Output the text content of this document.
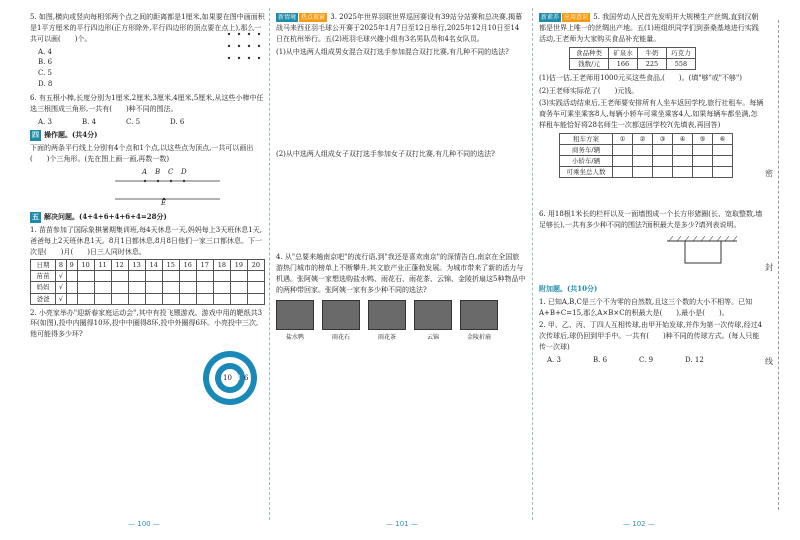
5. 如图,横向或竖向每相邻两个点之间的距离都是1厘米,如果要在图中画面积是1平方厘米的平行四边形(正方形除外,平行四边形的顶点要在点上),那么一共可以画(　　)个。

A. 4
B. 6
C. 5
D. 8

6. 有五根小棒,长度分别为1厘米,2厘米,3厘米,4厘米,5厘米,从这些小棒中任选三根围成三角形,一共有(　　)种不同的围法。

A. 3	B. 4	C. 5	D. 6
四 操作题。(共4分)

下面的两条平行线上分别有4个点和1个点,以这些点为顶点,一共可以画出(　　)个三角形。(先在图上画一画,再数一数)

A B C D
E
五 解决问题。(4+4+6+4+6+4=28分)

1. 苗苗参加了国际象棋暑期集训班,每4天休息一天,妈妈每上3天班休息1天,爸爸每上2天班休息1天。8月1日都休息,8月8日他们一家三口都休息。下一次是(　　)月(　　)日三人同时休息。

日期	8	9	10	11	12	13	14	15	16	17	18	19	20
苗苗	√												
妈妈	√												
爸爸	√												

2. 小亮家举办"迎新春家庭运动会",其中有投飞镖游戏。游戏中用的靶纸共3环(如图),投中内圈得10环,投中中圈得8环,投中外圈得6环。小亮投中三次,他可能得多少环?

10 8 6
— 100 —

新情境 热点视窗 3. 2025年世界羽联世界巡回赛设有39站分站赛和总决赛,揭幕战马来西亚羽毛球公开赛于2025年1月7日至12日举行,2025年12月10日至14日在杭州举行。五(2)班羽毛球兴趣小组有3名男队员和4名女队员。

(1)从中选两人组成男女混合双打选手参加混合双打比赛,有几种不同的选法?

(2)从中选两人组成女子双打选手参加女子双打比赛,有几种不同的选法?

4. 从"总要来趟南京吧"的流行语,到"我还是喜欢南京"的深情告白,南京在全国旅游热门城市的榜单上不断攀升,其文旅产业正蓬勃发展。为城市带来了新的活力与机遇。张阿姨一家想选购盐水鸭、雨花石、雨花茶、云锦、金陵折扇这5种物品中的两种带回家。张阿姨一家有多少种不同的选法?

盐水鸭	雨花石	雨花茶	云锦	金陵折扇
— 101 —

新素养 应用意识 5. 我国劳动人民首先发明并大规模生产丝绸,直到汉朝都是世界上唯一的丝绸出产地。五(1)班组织同学们到蚕桑基地进行实践活动,王老师为大家购买食品补充能量。

食品种类	矿泉水	牛奶	巧克力
钱数/元	166	225	558

(1)估一估,王老师用1000元买这些食品,(　　)。(填"够"或"不够")

(2)王老师实际花了(　　)元钱。

(3)实践活动结束后,王老师要安排所有人坐车返回学校,旅行社租车。每辆商务车可乘坐乘客8人,每辆小轿车可乘坐乘客4人,如果每辆车都坐满,怎样租车能恰好将28名师生一次都送回学校?(先填表,再回答)

租车方案	①	②	③	④	⑤	⑥
商务车/辆						
小轿车/辆						
可乘坐总人数						

6. 用18根1米长的栏杆以及一面墙围成一个长方形猪圈(长、宽取整数,墙足够长),一共有多少种不同的围法?面积最大是多少?请列表说明。

附加题。(共10分)

1. 已知A,B,C是三个不为零的自然数,且这三个数的大小不相等。已知A+B+C=15,那么A×B×C的积最大是(　　),最小是(　　)。

2. 甲、乙、丙、丁四人互相传球,由甲开始发球,并作为第一次传球,经过4次传球后,球仍回到甲手中。一共有(　　)种不同的传球方式。(每人只能传一次球)

A. 3	B. 6	C. 9	D. 12
密
封
线
— 102 —
